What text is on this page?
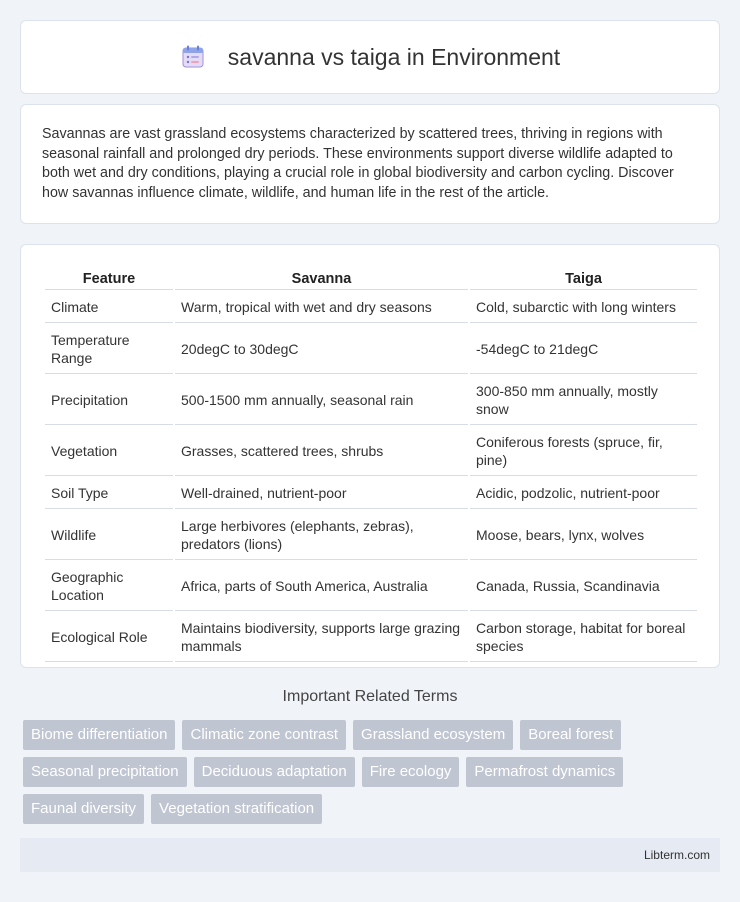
savanna vs taiga in Environment

Savannas are vast grassland ecosystems characterized by scattered trees, thriving in regions with seasonal rainfall and prolonged dry periods. These environments support diverse wildlife adapted to both wet and dry conditions, playing a crucial role in global biodiversity and carbon cycling. Discover how savannas influence climate, wildlife, and human life in the rest of the article.

Feature	Savanna	Taiga
Climate	Warm, tropical with wet and dry seasons	Cold, subarctic with long winters
Temperature Range	20degC to 30degC	-54degC to 21degC
Precipitation	500-1500 mm annually, seasonal rain	300-850 mm annually, mostly snow
Vegetation	Grasses, scattered trees, shrubs	Coniferous forests (spruce, fir, pine)
Soil Type	Well-drained, nutrient-poor	Acidic, podzolic, nutrient-poor
Wildlife	Large herbivores (elephants, zebras), predators (lions)	Moose, bears, lynx, wolves
Geographic Location	Africa, parts of South America, Australia	Canada, Russia, Scandinavia
Ecological Role	Maintains biodiversity, supports large grazing mammals	Carbon storage, habitat for boreal species
Important Related Terms
Biome differentiation	Climatic zone contrast	Grassland ecosystem	Boreal forest
Seasonal precipitation	Deciduous adaptation	Fire ecology	Permafrost dynamics
Faunal diversity	Vegetation stratification
Libterm.com
